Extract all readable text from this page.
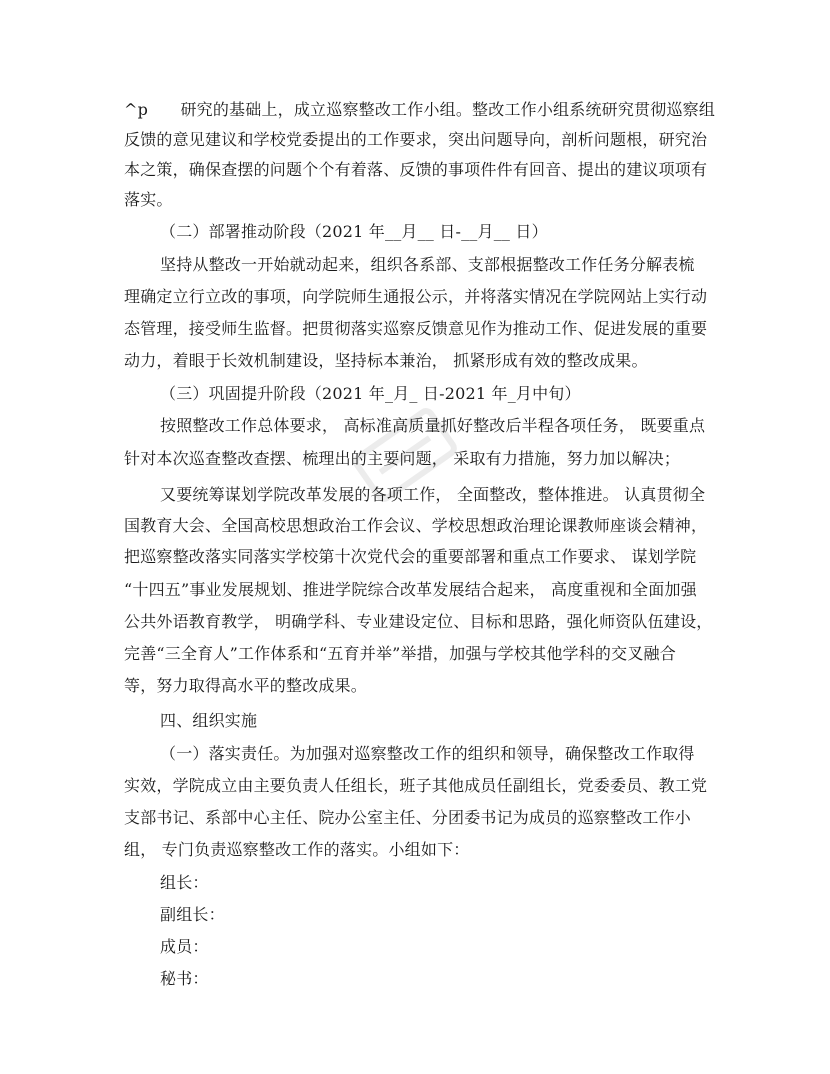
^p　　研究的基础上，成立巡察整改工作小组。整改工作小组系统研究贯彻巡察组
反馈的意见建议和学校党委提出的工作要求，突出问题导向，剖析问题根，研究治
本之策，确保查摆的问题个个有着落、反馈的事项件件有回音、提出的建议项项有
落实。
（二）部署推动阶段（2021 年__月__ 日-__月__ 日）
坚持从整改一开始就动起来，组织各系部、支部根据整改工作任务分解表梳
理确定立行立改的事项，向学院师生通报公示，并将落实情况在学院网站上实行动
态管理，接受师生监督。把贯彻落实巡察反馈意见作为推动工作、促进发展的重要
动力，着眼于长效机制建设，坚持标本兼治， 抓紧形成有效的整改成果。
（三）巩固提升阶段（2021 年_月_ 日-2021 年_月中旬）
按照整改工作总体要求， 高标准高质量抓好整改后半程各项任务， 既要重点
针对本次巡查整改查摆、梳理出的主要问题， 采取有力措施，努力加以解决；
又要统筹谋划学院改革发展的各项工作， 全面整改，整体推进。 认真贯彻全
国教育大会、全国高校思想政治工作会议、学校思想政治理论课教师座谈会精神，
把巡察整改落实同落实学校第十次党代会的重要部署和重点工作要求、 谋划学院
“十四五”事业发展规划、推进学院综合改革发展结合起来， 高度重视和全面加强
公共外语教育教学， 明确学科、专业建设定位、目标和思路，强化师资队伍建设，
完善“三全育人”工作体系和“五育并举”举措，加强与学校其他学科的交叉融合
等，努力取得高水平的整改成果。
四、组织实施
（一）落实责任。为加强对巡察整改工作的组织和领导，确保整改工作取得
实效，学院成立由主要负责人任组长，班子其他成员任副组长，党委委员、教工党
支部书记、系部中心主任、院办公室主任、分团委书记为成员的巡察整改工作小
组， 专门负责巡察整改工作的落实。小组如下：
组长：
副组长：
成员：
秘书：
